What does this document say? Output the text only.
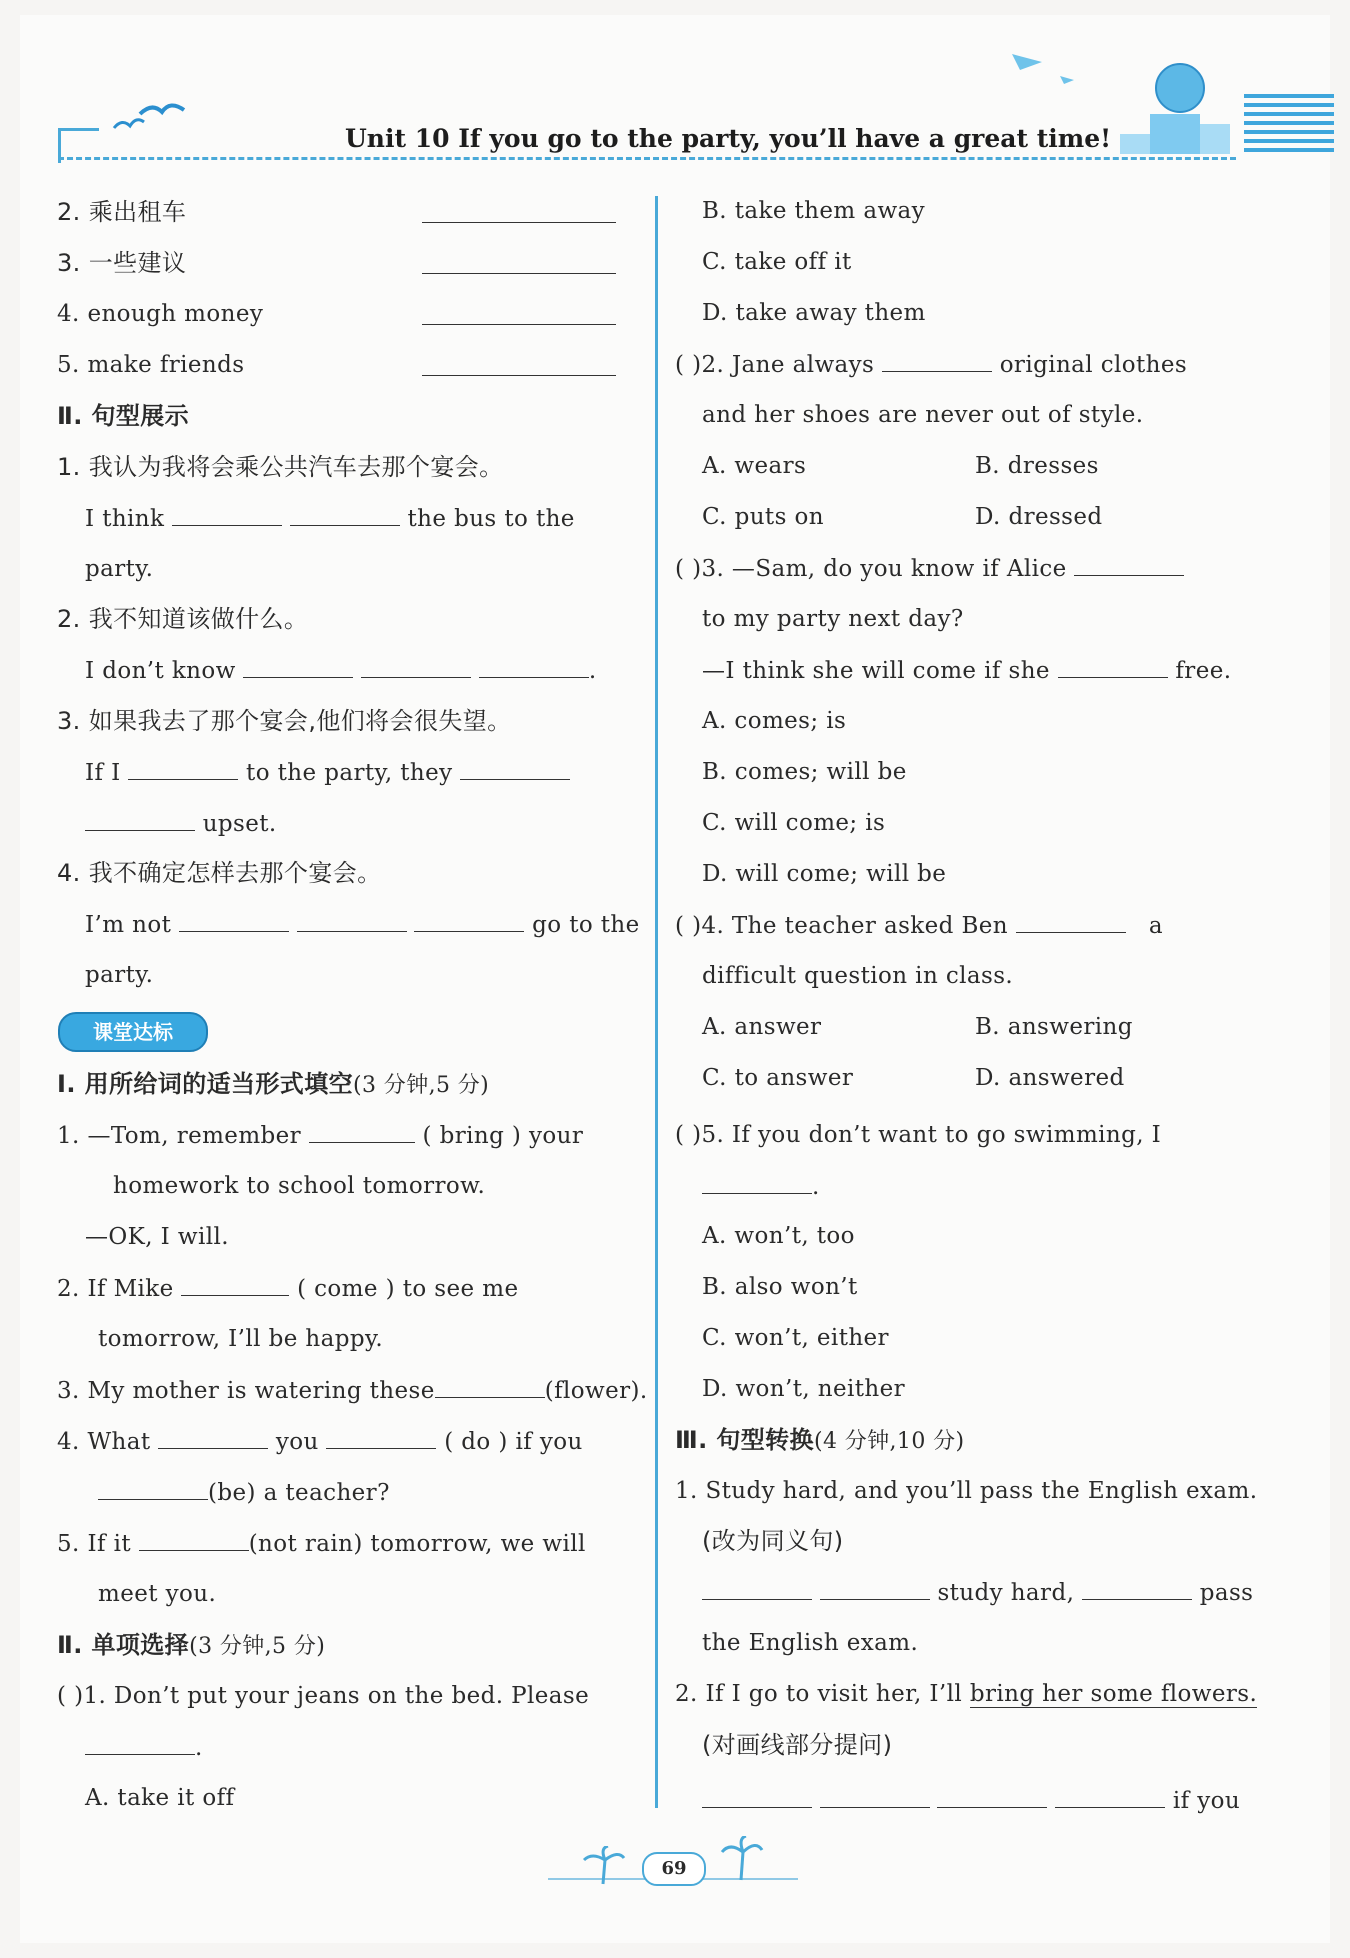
Unit 10 If you go to the party, you’ll have a great time!
2. 乘出租车
3. 一些建议
4. enough money
5. make friends
Ⅱ. 句型展示
1. 我认为我将会乘公共汽车去那个宴会。
I think	the bus to the
party.
2. 我不知道该做什么。
I don’t know	.
3. 如果我去了那个宴会,他们将会很失望。
If I	to the party, they
upset.
4. 我不确定怎样去那个宴会。
I’m not	go to the
party.
课堂达标
Ⅰ. 用所给词的适当形式填空(3 分钟,5 分)
1. —Tom, remember	( bring ) your
homework to school tomorrow.
—OK, I will.
2. If Mike	( come ) to see me
tomorrow, I’ll be happy.
3. My mother is watering these	(flower).
4. What	you	( do ) if you
(be) a teacher?
5. If it	(not rain) tomorrow, we will
meet you.
Ⅱ. 单项选择(3 分钟,5 分)
( )1. Don’t put your jeans on the bed. Please
.
A. take it off
B. take them away
C. take off it
D. take away them
( )2. Jane always	original clothes
and her shoes are never out of style.
A. wears	B. dresses
C. puts on	D. dressed
( )3. —Sam, do you know if Alice
to my party next day?
—I think she will come if she	free.
A. comes; is
B. comes; will be
C. will come; is
D. will come; will be
( )4. The teacher asked Ben	a
difficult question in class.
A. answer	B. answering
C. to answer	D. answered
( )5. If you don’t want to go swimming, I
.
A. won’t, too
B. also won’t
C. won’t, either
D. won’t, neither
Ⅲ. 句型转换(4 分钟,10 分)
1. Study hard, and you’ll pass the English exam.
(改为同义句)
study hard,	pass
the English exam.
2. If I go to visit her, I’ll bring her some flowers.
(对画线部分提问)
if you
69
